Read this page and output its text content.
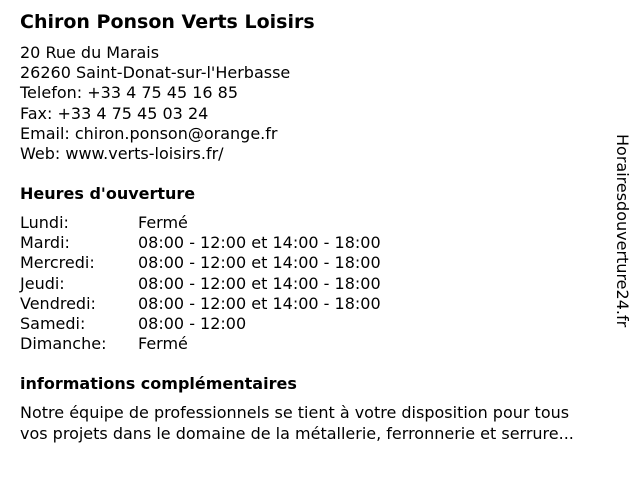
Chiron Ponson Verts Loisirs
20 Rue du Marais
26260 Saint-Donat-sur-l'Herbasse
Telefon: +33 4 75 45 16 85
Fax: +33 4 75 45 03 24
Email: chiron.ponson@orange.fr
Web: www.verts-loisirs.fr/
Heures d'ouverture
Lundi:	Fermé
Mardi:	08:00 - 12:00 et 14:00 - 18:00
Mercredi:	08:00 - 12:00 et 14:00 - 18:00
Jeudi:	08:00 - 12:00 et 14:00 - 18:00
Vendredi:	08:00 - 12:00 et 14:00 - 18:00
Samedi:	08:00 - 12:00
Dimanche:	Fermé
informations complémentaires
Notre équipe de professionnels se tient à votre disposition pour tous
vos projets dans le domaine de la métallerie, ferronnerie et serrure...
Horairesdouverture24.fr
